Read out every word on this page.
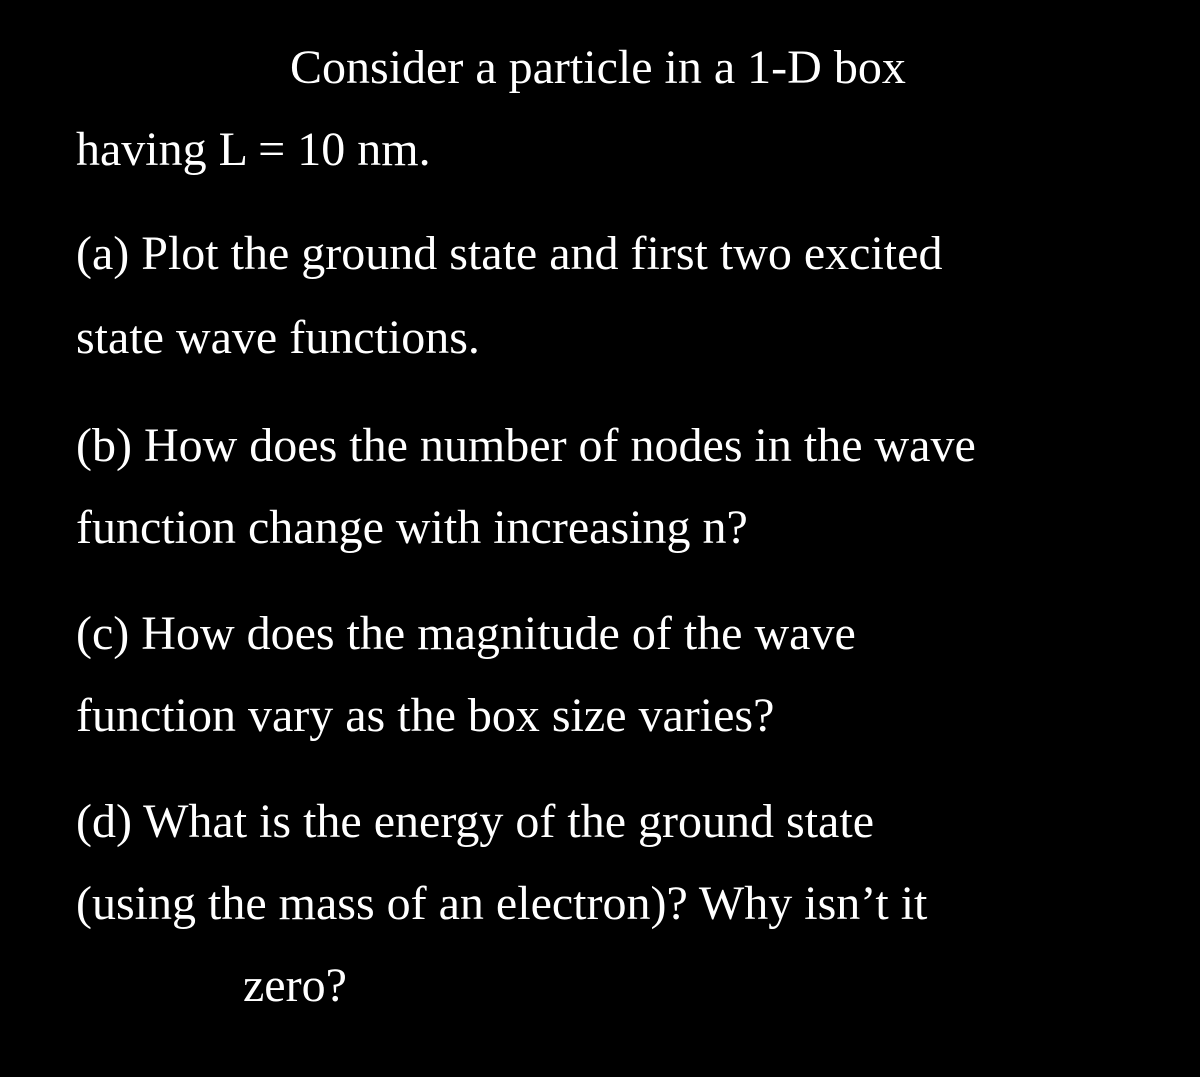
Consider a particle in a 1-D box
having L = 10 nm.
(a) Plot the ground state and first two excited
state wave functions.
(b) How does the number of nodes in the wave
function change with increasing n?
(c) How does the magnitude of the wave
function vary as the box size varies?
(d) What is the energy of the ground state
(using the mass of an electron)? Why isn’t it
zero?
